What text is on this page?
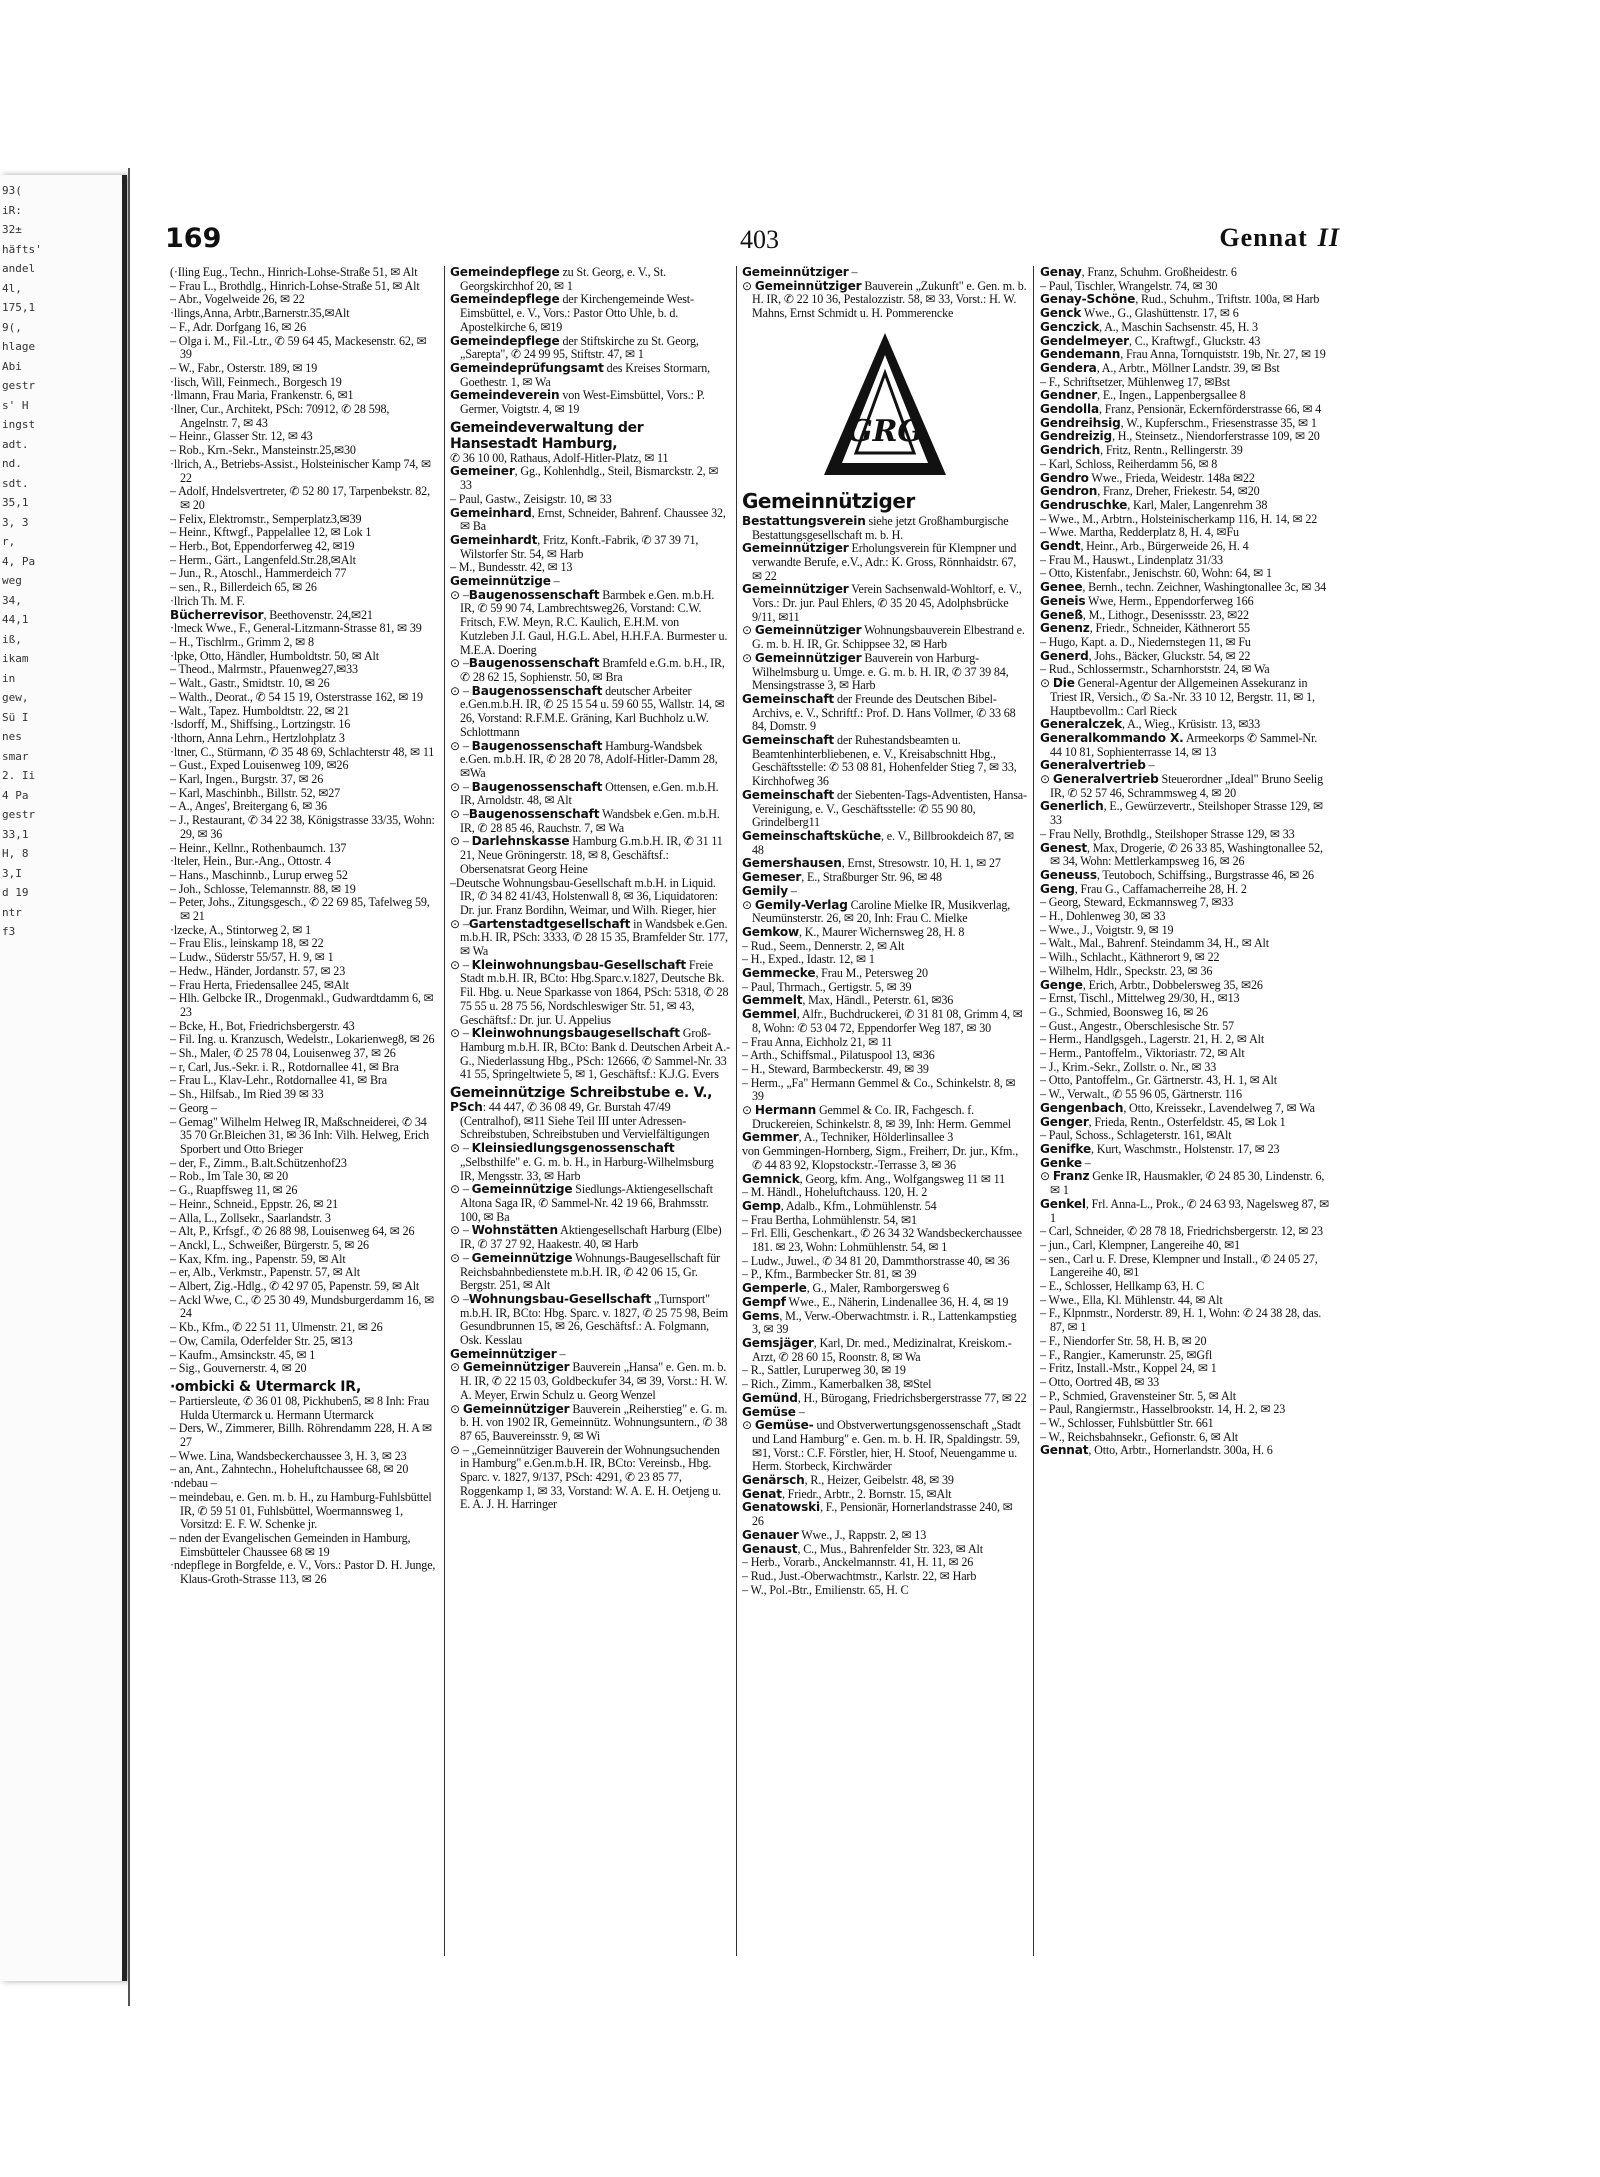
93(
iR:
32±
häfts'
andel
4l,
175,1
9(,
hlage
Abi
gestr
s' H
ingst
adt.
nd.
sdt.
35,1
3, 3
r,
4, Pa
weg
34,
44,1
iß,
ikam
in
gew,
Sü I
nes
smar
2. Ii
4 Pa
gestr
33,1
H, 8
3,I
d 19
ntr
f3
169	403	Gennat II

(·Iling Eug., Techn., Hinrich-Lohse-Straße 51, ✉ Alt

– Frau L., Brothdlg., Hinrich-Lohse-Straße 51, ✉ Alt

– Abr., Vogelweide 26, ✉ 22

·llings,Anna, Arbtr.,Barnerstr.35,✉Alt

– F., Adr. Dorfgang 16, ✉ 26

– Olga i. M., Fil.-Ltr., ✆ 59 64 45, Mackesenstr. 62, ✉ 39

– W., Fabr., Osterstr. 189, ✉ 19

·lisch, Will, Feinmech., Borgesch 19

·llmann, Frau Maria, Frankenstr. 6, ✉1

·llner, Cur., Architekt, PSch: 70912, ✆ 28 598, Angelnstr. 7, ✉ 43

– Heinr., Glasser Str. 12, ✉ 43

– Rob., Krn.-Sekr., Mansteinstr.25,✉30

·llrich, A., Betriebs-Assist., Holsteinischer Kamp 74, ✉ 22

– Adolf, Hndelsvertreter, ✆ 52 80 17, Tarpenbekstr. 82, ✉ 20

– Felix, Elektromstr., Semperplatz3,✉39

– Heinr., Kftwgf., Pappelallee 12, ✉ Lok 1

– Herb., Bot, Eppendorferweg 42, ✉19

– Herm., Gärt., Langenfeld.Str.28,✉Alt

– Jun., R., Atoschl., Hammerdeich 77

– sen., R., Billerdeich 65, ✉ 26

·llrich Th. M. F.

Bücherrevisor, Beethovenstr. 24,✉21

·lmeck Wwe., F., General-Litzmann-Strasse 81, ✉ 39

– H., Tischlrm., Grimm 2, ✉ 8

·lpke, Otto, Händler, Humboldtstr. 50, ✉ Alt

– Theod., Malrmstr., Pfauenweg27,✉33

– Walt., Gastr., Smidtstr. 10, ✉ 26

– Walth., Deorat., ✆ 54 15 19, Osterstrasse 162, ✉ 19

– Walt., Tapez. Humboldtstr. 22, ✉ 21

·lsdorff, M., Shiffsing., Lortzingstr. 16

·lthorn, Anna Lehrn., Hertzlohplatz 3

·ltner, C., Stürmann, ✆ 35 48 69, Schlachterstr 48, ✉ 11

– Gust., Exped Louisenweg 109, ✉26

– Karl, Ingen., Burgstr. 37, ✉ 26

– Karl, Maschinbh., Billstr. 52, ✉27

– A., Anges', Breitergang 6, ✉ 36

– J., Restaurant, ✆ 34 22 38, Königstrasse 33/35, Wohn: 29, ✉ 36

– Heinr., Kellnr., Rothenbaumch. 137

·lteler, Hein., Bur.-Ang., Ottostr. 4

– Hans., Maschinnb., Lurup erweg 52

– Joh., Schlosse, Telemannstr. 88, ✉ 19

– Peter, Johs., Zitungsgesch., ✆ 22 69 85, Tafelweg 59, ✉ 21

·lzecke, A., Stintorweg 2, ✉ 1

– Frau Elis., leinskamp 18, ✉ 22

– Ludw., Süderstr 55/57, H. 9, ✉ 1

– Hedw., Händer, Jordanstr. 57, ✉ 23

– Frau Herta, Friedensallee 245, ✉Alt

– Hlh. Gelbcke IR., Drogenmakl., Gudwardtdamm 6, ✉ 23

– Bcke, H., Bot, Friedrichsbergerstr. 43

– Fil. Ing. u. Kranzusch, Wedelstr., Lokarienweg8, ✉ 26

– Sh., Maler, ✆ 25 78 04, Louisenweg 37, ✉ 26

– r, Carl, Jus.-Sekr. i. R., Rotdornallee 41, ✉ Bra

– Frau L., Klav-Lehr., Rotdornallee 41, ✉ Bra

– Sh., Hilfsab., Im Ried 39 ✉ 33

– Georg –

– Gemag" Wilhelm Helweg IR, Maßschneiderei, ✆ 34 35 70 Gr.Bleichen 31, ✉ 36 Inh: Vilh. Helweg, Erich Sporbert und Otto Brieger

– der, F., Zimm., B.alt.Schützenhof23

– Rob., Im Tale 30, ✉ 20

– G., Ruapffsweg 11, ✉ 26

– Heinr., Schneid., Eppstr. 26, ✉ 21

– Alla, L., Zollsekr., Saarlandstr. 3

– Alt, P., Krfsgf., ✆ 26 88 98, Louisenweg 64, ✉ 26

– Anckl, L., Schweißer, Bürgerstr. 5, ✉ 26

– Kax, Kfm. ing., Papenstr. 59, ✉ Alt

– er, Alb., Verkmstr., Papenstr. 57, ✉ Alt

– Albert, Zig.-Hdlg., ✆ 42 97 05, Papenstr. 59, ✉ Alt

– Ackl Wwe, C., ✆ 25 30 49, Mundsburgerdamm 16, ✉ 24

– Kb., Kfm., ✆ 22 51 11, Ulmenstr. 21, ✉ 26

– Ow, Camila, Oderfelder Str. 25, ✉13

– Kaufm., Amsinckstr. 45, ✉ 1

– Sig., Gouvernerstr. 4, ✉ 20

·ombicki & Utermarck IR,

– Partiersleute, ✆ 36 01 08, Pickhuben5, ✉ 8 Inh: Frau Hulda Utermarck u. Hermann Utermarck

– Ders, W., Zimmerer, Billh. Röhrendamm 228, H. A ✉ 27

– Wwe. Lina, Wandsbeckerchaussee 3, H. 3, ✉ 23

– an, Ant., Zahntechn., Hoheluftchaussee 68, ✉ 20

·ndebau –

– meindebau, e. Gen. m. b. H., zu Hamburg-Fuhlsbüttel IR, ✆ 59 51 01, Fuhlsbüttel, Woermannsweg 1, Vorsitzd: E. F. W. Schenke jr.

– nden der Evangelischen Gemeinden in Hamburg, Eimsbütteler Chaussee 68 ✉ 19

·ndepflege in Borgfelde, e. V., Vors.: Pastor D. H. Junge, Klaus-Groth-Strasse 113, ✉ 26

Gemeindepflege zu St. Georg, e. V., St. Georgskirchhof 20, ✉ 1

Gemeindepflege der Kirchengemeinde West-Eimsbüttel, e. V., Vors.: Pastor Otto Uhle, b. d. Apostelkirche 6, ✉19

Gemeindepflege der Stiftskirche zu St. Georg, „Sarepta", ✆ 24 99 95, Stiftstr. 47, ✉ 1

Gemeindeprüfungsamt des Kreises Stormarn, Goethestr. 1, ✉ Wa

Gemeindeverein von West-Eimsbüttel, Vors.: P. Germer, Voigtstr. 4, ✉ 19

Gemeindeverwaltung der Hansestadt Hamburg,

✆ 36 10 00, Rathaus, Adolf-Hitler-Platz, ✉ 11

Gemeiner, Gg., Kohlenhdlg., Steil, Bismarckstr. 2, ✉ 33

– Paul, Gastw., Zeisigstr. 10, ✉ 33

Gemeinhard, Ernst, Schneider, Bahrenf. Chaussee 32, ✉ Ba

Gemeinhardt, Fritz, Konft.-Fabrik, ✆ 37 39 71, Wilstorfer Str. 54, ✉ Harb

– M., Bundesstr. 42, ✉ 13

Gemeinnützige –

⊙ –Baugenossenschaft Barmbek e.Gen. m.b.H. IR, ✆ 59 90 74, Lambrechtsweg26, Vorstand: C.W. Fritsch, F.W. Meyn, R.C. Kaulich, E.H.M. von Kutzleben J.I. Gaul, H.G.L. Abel, H.H.F.A. Burmester u. M.E.A. Doering

⊙ –Baugenossenschaft Bramfeld e.G.m. b.H., IR, ✆ 28 62 15, Sophienstr. 50, ✉ Bra

⊙ – Baugenossenschaft deutscher Arbeiter e.Gen.m.b.H. IR, ✆ 25 15 54 u. 59 60 55, Wallstr. 14, ✉ 26, Vorstand: R.F.M.E. Gräning, Karl Buchholz u.W. Schlottmann

⊙ – Baugenossenschaft Hamburg-Wandsbek e.Gen. m.b.H. IR, ✆ 28 20 78, Adolf-Hitler-Damm 28, ✉Wa

⊙ – Baugenossenschaft Ottensen, e.Gen. m.b.H. IR, Arnoldstr. 48, ✉ Alt

⊙ –Baugenossenschaft Wandsbek e.Gen. m.b.H. IR, ✆ 28 85 46, Rauchstr. 7, ✉ Wa

⊙ – Darlehnskasse Hamburg G.m.b.H. IR, ✆ 31 11 21, Neue Gröningerstr. 18, ✉ 8, Geschäftsf.: Obersenatsrat Georg Heine

–Deutsche Wohnungsbau-Gesellschaft m.b.H. in Liquid. IR, ✆ 34 82 41/43, Holstenwall 8, ✉ 36, Liquidatoren: Dr. jur. Franz Bordihn, Weimar, und Wilh. Rieger, hier

⊙ –Gartenstadtgesellschaft in Wandsbek e.Gen. m.b.H. IR, PSch: 3333, ✆ 28 15 35, Bramfelder Str. 177, ✉ Wa

⊙ – Kleinwohnungsbau-Gesellschaft Freie Stadt m.b.H. IR, BCto: Hbg.Sparc.v.1827, Deutsche Bk. Fil. Hbg. u. Neue Sparkasse von 1864, PSch: 5318, ✆ 28 75 55 u. 28 75 56, Nordschleswiger Str. 51, ✉ 43, Geschäftsf.: Dr. jur. U. Appelius

⊙ – Kleinwohnungsbaugesellschaft Groß-Hamburg m.b.H. IR, BCto: Bank d. Deutschen Arbeit A.-G., Niederlassung Hbg., PSch: 12666, ✆ Sammel-Nr. 33 41 55, Springeltwiete 5, ✉ 1, Geschäftsf.: K.J.G. Evers

Gemeinnützige Schreibstube e. V.,

PSch: 44 447, ✆ 36 08 49, Gr. Burstah 47/49 (Centralhof), ✉11 Siehe Teil III unter Adressen-Schreibstuben, Schreibstuben und Vervielfältigungen

⊙ – Kleinsiedlungsgenossenschaft „Selbsthilfe" e. G. m. b. H., in Harburg-Wilhelmsburg IR, Mengsstr. 33, ✉ Harb

⊙ – Gemeinnützige Siedlungs-Aktiengesellschaft Altona Saga IR, ✆ Sammel-Nr. 42 19 66, Brahmsstr. 100, ✉ Ba

⊙ – Wohnstätten Aktiengesellschaft Harburg (Elbe) IR, ✆ 37 27 92, Haakestr. 40, ✉ Harb

⊙ – Gemeinnützige Wohnungs-Baugesellschaft für Reichsbahnbedienstete m.b.H. IR, ✆ 42 06 15, Gr. Bergstr. 251, ✉ Alt

⊙ –Wohnungsbau-Gesellschaft „Turnsport" m.b.H. IR, BCto: Hbg. Sparc. v. 1827, ✆ 25 75 98, Beim Gesundbrunnen 15, ✉ 26, Geschäftsf.: A. Folgmann, Osk. Kesslau

Gemeinnütziger –

⊙ Gemeinnütziger Bauverein „Hansa" e. Gen. m. b. H. IR, ✆ 22 15 03, Goldbeckufer 34, ✉ 39, Vorst.: H. W. A. Meyer, Erwin Schulz u. Georg Wenzel

⊙ Gemeinnütziger Bauverein „Reiherstieg" e. G. m. b. H. von 1902 IR, Gemeinnütz. Wohnungsuntern., ✆ 38 87 65, Bauvereinsstr. 9, ✉ Wi

⊙ – „Gemeinnütziger Bauverein der Wohnungsuchenden in Hamburg" e.Gen.m.b.H. IR, BCto: Vereinsb., Hbg. Sparc. v. 1827, 9/137, PSch: 4291, ✆ 23 85 77, Roggenkamp 1, ✉ 33, Vorstand: W. A. E. H. Oetjeng u. E. A. J. H. Harringer

Gemeinnütziger –

⊙ Gemeinnütziger Bauverein „Zukunft" e. Gen. m. b. H. IR, ✆ 22 10 36, Pestalozzistr. 58, ✉ 33, Vorst.: H. W. Mahns, Ernst Schmidt u. H. Pommerencke

GRG
Gemeinnütziger

Bestattungsverein siehe jetzt Großhamburgische Bestattungsgesellschaft m. b. H.

Gemeinnütziger Erholungsverein für Klempner und verwandte Berufe, e.V., Adr.: K. Gross, Rönnhaidstr. 67, ✉ 22

Gemeinnütziger Verein Sachsenwald-Wohltorf, e. V., Vors.: Dr. jur. Paul Ehlers, ✆ 35 20 45, Adolphsbrücke 9/11, ✉11

⊙ Gemeinnütziger Wohnungsbauverein Elbestrand e. G. m. b. H. IR, Gr. Schippsee 32, ✉ Harb

⊙ Gemeinnütziger Bauverein von Harburg-Wilhelmsburg u. Umge. e. G. m. b. H. IR, ✆ 37 39 84, Mensingstrasse 3, ✉ Harb

Gemeinschaft der Freunde des Deutschen Bibel-Archivs, e. V., Schriftf.: Prof. D. Hans Vollmer, ✆ 33 68 84, Domstr. 9

Gemeinschaft der Ruhestandsbeamten u. Beamtenhinterbliebenen, e. V., Kreisabschnitt Hbg., Geschäftsstelle: ✆ 53 08 81, Hohenfelder Stieg 7, ✉ 33, Kirchhofweg 36

Gemeinschaft der Siebenten-Tags-Adventisten, Hansa-Vereinigung, e. V., Geschäftsstelle: ✆ 55 90 80, Grindelberg11

Gemeinschaftsküche, e. V., Billbrookdeich 87, ✉ 48

Gemershausen, Ernst, Stresowstr. 10, H. 1, ✉ 27

Gemeser, E., Straßburger Str. 96, ✉ 48

Gemily –

⊙ Gemily-Verlag Caroline Mielke IR, Musikverlag, Neumünsterstr. 26, ✉ 20, Inh: Frau C. Mielke

Gemkow, K., Maurer Wichernsweg 28, H. 8

– Rud., Seem., Dennerstr. 2, ✉ Alt

– H., Exped., Idastr. 12, ✉ 1

Gemmecke, Frau M., Petersweg 20

– Paul, Thrmach., Gertigstr. 5, ✉ 39

Gemmelt, Max, Händl., Peterstr. 61, ✉36

Gemmel, Alfr., Buchdruckerei, ✆ 31 81 08, Grimm 4, ✉ 8, Wohn: ✆ 53 04 72, Eppendorfer Weg 187, ✉ 30

– Frau Anna, Eichholz 21, ✉ 11

– Arth., Schiffsmal., Pilatuspool 13, ✉36

– H., Steward, Barmbeckerstr. 49, ✉ 39

– Herm., „Fa" Hermann Gemmel & Co., Schinkelstr. 8, ✉ 39

⊙ Hermann Gemmel & Co. IR, Fachgesch. f. Druckereien, Schinkelstr. 8, ✉ 39, Inh: Herm. Gemmel

Gemmer, A., Techniker, Hölderlinsallee 3

von Gemmingen-Hornberg, Sigm., Freiherr, Dr. jur., Kfm., ✆ 44 83 92, Klopstockstr.-Terrasse 3, ✉ 36

Gemnick, Georg, kfm. Ang., Wolfgangsweg 11 ✉ 11

– M. Händl., Hoheluftchauss. 120, H. 2

Gemp, Adalb., Kfm., Lohmühlenstr. 54

– Frau Bertha, Lohmühlenstr. 54, ✉1

– Frl. Elli, Geschenkart., ✆ 26 34 32 Wandsbeckerchaussee 181. ✉ 23, Wohn: Lohmühlenstr. 54, ✉ 1

– Ludw., Juwel., ✆ 34 81 20, Dammthorstrasse 40, ✉ 36

– P., Kfm., Barmbecker Str. 81, ✉ 39

Gemperle, G., Maler, Ramborgersweg 6

Gempf Wwe., E., Näherin, Lindenallee 36, H. 4, ✉ 19

Gems, M., Verw.-Oberwachtmstr. i. R., Lattenkampstieg 3, ✉ 39

Gemsjäger, Karl, Dr. med., Medizinalrat, Kreiskom.-Arzt, ✆ 28 60 15, Roonstr. 8, ✉ Wa

– R., Sattler, Luruperweg 30, ✉ 19

– Rich., Zimm., Kamerbalken 38, ✉Stel

Gemünd, H., Bürogang, Friedrichsbergerstrasse 77, ✉ 22

Gemüse –

⊙ Gemüse- und Obstverwertungsgenossenschaft „Stadt und Land Hamburg" e. Gen. m. b. H. IR, Spaldingstr. 59, ✉1, Vorst.: C.F. Förstler, hier, H. Stoof, Neuengamme u. Herm. Storbeck, Kirchwärder

Genärsch, R., Heizer, Geibelstr. 48, ✉ 39

Genat, Friedr., Arbtr., 2. Bornstr. 15, ✉Alt

Genatowski, F., Pensionär, Hornerlandstrasse 240, ✉ 26

Genauer Wwe., J., Rappstr. 2, ✉ 13

Genaust, C., Mus., Bahrenfelder Str. 323, ✉ Alt

– Herb., Vorarb., Anckelmannstr. 41, H. 11, ✉ 26

– Rud., Just.-Oberwachtmstr., Karlstr. 22, ✉ Harb

– W., Pol.-Btr., Emilienstr. 65, H. C

Genay, Franz, Schuhm. Großheidestr. 6

– Paul, Tischler, Wrangelstr. 74, ✉ 30

Genay-Schöne, Rud., Schuhm., Triftstr. 100a, ✉ Harb

Genck Wwe., G., Glashüttenstr. 17, ✉ 6

Genczick, A., Maschin Sachsenstr. 45, H. 3

Gendelmeyer, C., Kraftwgf., Gluckstr. 43

Gendemann, Frau Anna, Tornquiststr. 19b, Nr. 27, ✉ 19

Gendera, A., Arbtr., Möllner Landstr. 39, ✉ Bst

– F., Schriftsetzer, Mühlenweg 17, ✉Bst

Gendner, E., Ingen., Lappenbergsallee 8

Gendolla, Franz, Pensionär, Eckernförderstrasse 66, ✉ 4

Gendreihsig, W., Kupferschm., Friesenstrasse 35, ✉ 1

Gendreizig, H., Steinsetz., Niendorferstrasse 109, ✉ 20

Gendrich, Fritz, Rentn., Rellingerstr. 39

– Karl, Schloss, Reiherdamm 56, ✉ 8

Gendro Wwe., Frieda, Weidestr. 148a ✉22

Gendron, Franz, Dreher, Friekestr. 54, ✉20

Gendruschke, Karl, Maler, Langenrehm 38

– Wwe., M., Arbtrn., Holsteinischerkamp 116, H. 14, ✉ 22

– Wwe. Martha, Redderplatz 8, H. 4, ✉Fu

Gendt, Heinr., Arb., Bürgerweide 26, H. 4

– Frau M., Hauswt., Lindenplatz 31/33

– Otto, Kistenfabr., Jenischstr. 60, Wohn: 64, ✉ 1

Genee, Bernh., techn. Zeichner, Washingtonallee 3c, ✉ 34

Geneis Wwe, Herm., Eppendorferweg 166

Geneß, M., Lithogr., Desenissstr. 23, ✉22

Genenz, Friedr., Schneider, Käthnerort 55

– Hugo, Kapt. a. D., Niedernstegen 11, ✉ Fu

Generd, Johs., Bäcker, Gluckstr. 54, ✉ 22

– Rud., Schlossermstr., Scharnhorststr. 24, ✉ Wa

⊙ Die General-Agentur der Allgemeinen Assekuranz in Triest IR, Versich., ✆ Sa.-Nr. 33 10 12, Bergstr. 11, ✉ 1, Hauptbevollm.: Carl Rieck

Generalczek, A., Wieg., Krüsistr. 13, ✉33

Generalkommando X. Armeekorps ✆ Sammel-Nr. 44 10 81, Sophienterrasse 14, ✉ 13

Generalvertrieb –

⊙ Generalvertrieb Steuerordner „Ideal" Bruno Seelig IR, ✆ 52 57 46, Schrammsweg 4, ✉ 20

Generlich, E., Gewürzevertr., Steilshoper Strasse 129, ✉ 33

– Frau Nelly, Brothdlg., Steilshoper Strasse 129, ✉ 33

Genest, Max, Drogerie, ✆ 26 33 85, Washingtonallee 52, ✉ 34, Wohn: Mettlerkampsweg 16, ✉ 26

Geneuss, Teutoboch, Schiffsing., Burgstrasse 46, ✉ 26

Geng, Frau G., Caffamacherreihe 28, H. 2

– Georg, Steward, Eckmannsweg 7, ✉33

– H., Dohlenweg 30, ✉ 33

– Wwe., J., Voigtstr. 9, ✉ 19

– Walt., Mal., Bahrenf. Steindamm 34, H., ✉ Alt

– Wilh., Schlacht., Käthnerort 9, ✉ 22

– Wilhelm, Hdlr., Speckstr. 23, ✉ 36

Genge, Erich, Arbtr., Dobbelersweg 35, ✉26

– Ernst, Tischl., Mittelweg 29/30, H., ✉13

– G., Schmied, Boonsweg 16, ✉ 26

– Gust., Angestr., Oberschlesische Str. 57

– Herm., Handlgsgeh., Lagerstr. 21, H. 2, ✉ Alt

– Herm., Pantoffelm., Viktoriastr. 72, ✉ Alt

– J., Krim.-Sekr., Zollstr. o. Nr., ✉ 33

– Otto, Pantoffelm., Gr. Gärtnerstr. 43, H. 1, ✉ Alt

– W., Verwalt., ✆ 55 96 05, Gärtnerstr. 116

Gengenbach, Otto, Kreissekr., Lavendelweg 7, ✉ Wa

Genger, Frieda, Rentn., Osterfeldstr. 45, ✉ Lok 1

– Paul, Schoss., Schlageterstr. 161, ✉Alt

Genifke, Kurt, Waschmstr., Holstenstr. 17, ✉ 23

Genke –

⊙ Franz Genke IR, Hausmakler, ✆ 24 85 30, Lindenstr. 6, ✉ 1

Genkel, Frl. Anna-L., Prok., ✆ 24 63 93, Nagelsweg 87, ✉ 1

– Carl, Schneider, ✆ 28 78 18, Friedrichsbergerstr. 12, ✉ 23

– jun., Carl, Klempner, Langereihe 40, ✉1

– sen., Carl u. F. Drese, Klempner und Install., ✆ 24 05 27, Langereihe 40, ✉1

– E., Schlosser, Hellkamp 63, H. C

– Wwe., Ella, Kl. Mühlenstr. 44, ✉ Alt

– F., Klpnmstr., Norderstr. 89, H. 1, Wohn: ✆ 24 38 28, das. 87, ✉ 1

– F., Niendorfer Str. 58, H. B, ✉ 20

– F., Rangier., Kamerunstr. 25, ✉Gfl

– Fritz, Install.-Mstr., Koppel 24, ✉ 1

– Otto, Oortred 4B, ✉ 33

– P., Schmied, Gravensteiner Str. 5, ✉ Alt

– Paul, Rangiermstr., Hasselbrookstr. 14, H. 2, ✉ 23

– W., Schlosser, Fuhlsbüttler Str. 661

– W., Reichsbahnsekr., Gefionstr. 6, ✉ Alt

Gennat, Otto, Arbtr., Hornerlandstr. 300a, H. 6
